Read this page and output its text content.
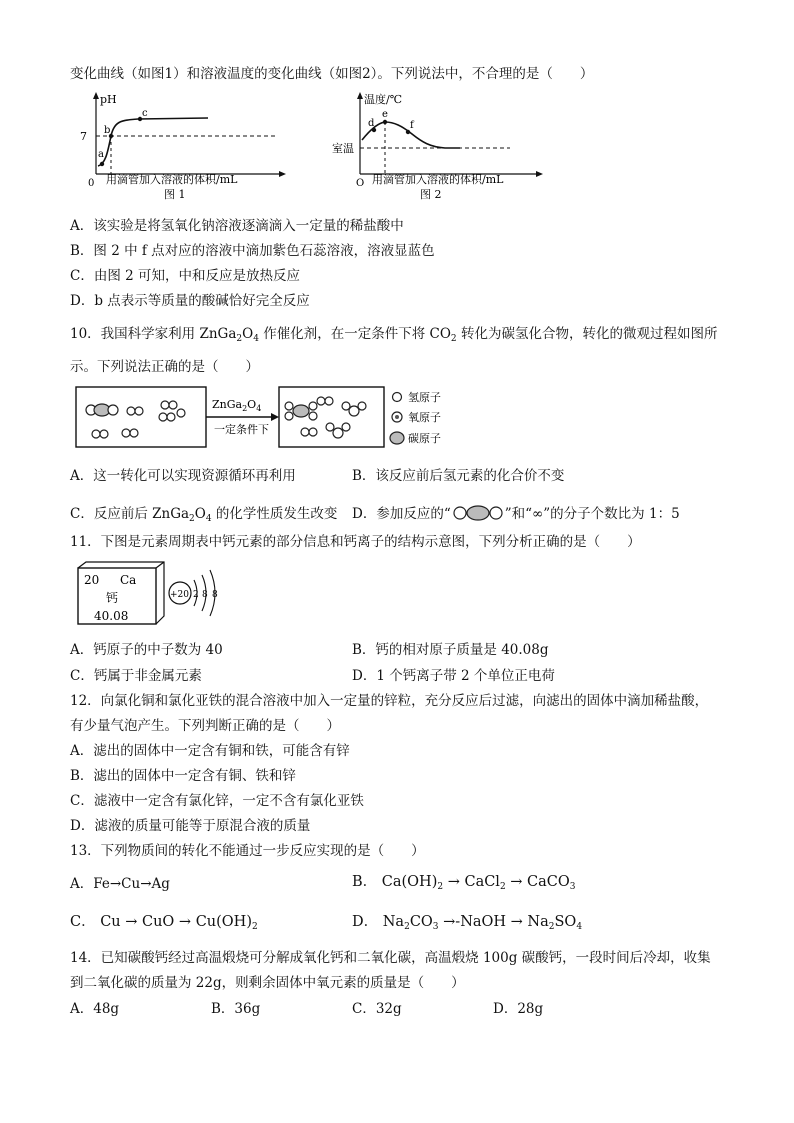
变化曲线（如图1）和溶液温度的变化曲线（如图2）。下列说法中，不合理的是（　　）
pH
7
a
b
c
0 用滴管加入溶液的体积/mL
图 1
温度/℃
室温
d
e
f
O 用滴管加入溶液的体积/mL
图 2
A．该实验是将氢氧化钠溶液逐滴滴入一定量的稀盐酸中
B．图 2 中 f 点对应的溶液中滴加紫色石蕊溶液，溶液显蓝色
C．由图 2 可知，中和反应是放热反应
D．b 点表示等质量的酸碱恰好完全反应
10．我国科学家利用 $ZnGa_2O_4$ 作催化剂，在一定条件下将 $CO_2$ 转化为碳氢化合物，转化的微观过程如图所
示。下列说法正确的是（　　）
$ZnGa_2O_4$
一定条件下
氢原子
氧原子
碳原子
A．这一转化可以实现资源循环再利用	B．该反应前后氢元素的化合价不变
C．反应前后 $ZnGa_2O_4$ 的化学性质发生改变 D．参加反应的“	”和“∞”的分子个数比为 1：5
11．下图是元素周期表中钙元素的部分信息和钙离子的结构示意图，下列分析正确的是（　　）
20 Ca
钙
40.08
+20 2 8 8
A．钙原子的中子数为 40	B．钙的相对原子质量是 40.08g
C．钙属于非金属元素	D．1 个钙离子带 2 个单位正电荷
12．向氯化铜和氯化亚铁的混合溶液中加入一定量的锌粒，充分反应后过滤，向滤出的固体中滴加稀盐酸，
有少量气泡产生。下列判断正确的是（　　）
A．滤出的固体中一定含有铜和铁，可能含有锌
B．滤出的固体中一定含有铜、铁和锌
C．滤液中一定含有氯化锌，一定不含有氯化亚铁
D．滤液的质量可能等于原混合液的质量
13．下列物质间的转化不能通过一步反应实现的是（　　）
A．Fe→Cu→Ag	B． $Ca(OH)_2$ → CaCl$_2$ → CaCO$_3$
C． Cu → CuO → $Cu(OH)_2$	D． $Na_2CO_3$ →‑NaOH → $Na_2SO_4$
14．已知碳酸钙经过高温煅烧可分解成氧化钙和二氧化碳，高温煅烧 100g 碳酸钙，一段时间后冷却，收集
到二氧化碳的质量为 22g，则剩余固体中氧元素的质量是（　　）
A．48g	B．36g	C．32g	D．28g
